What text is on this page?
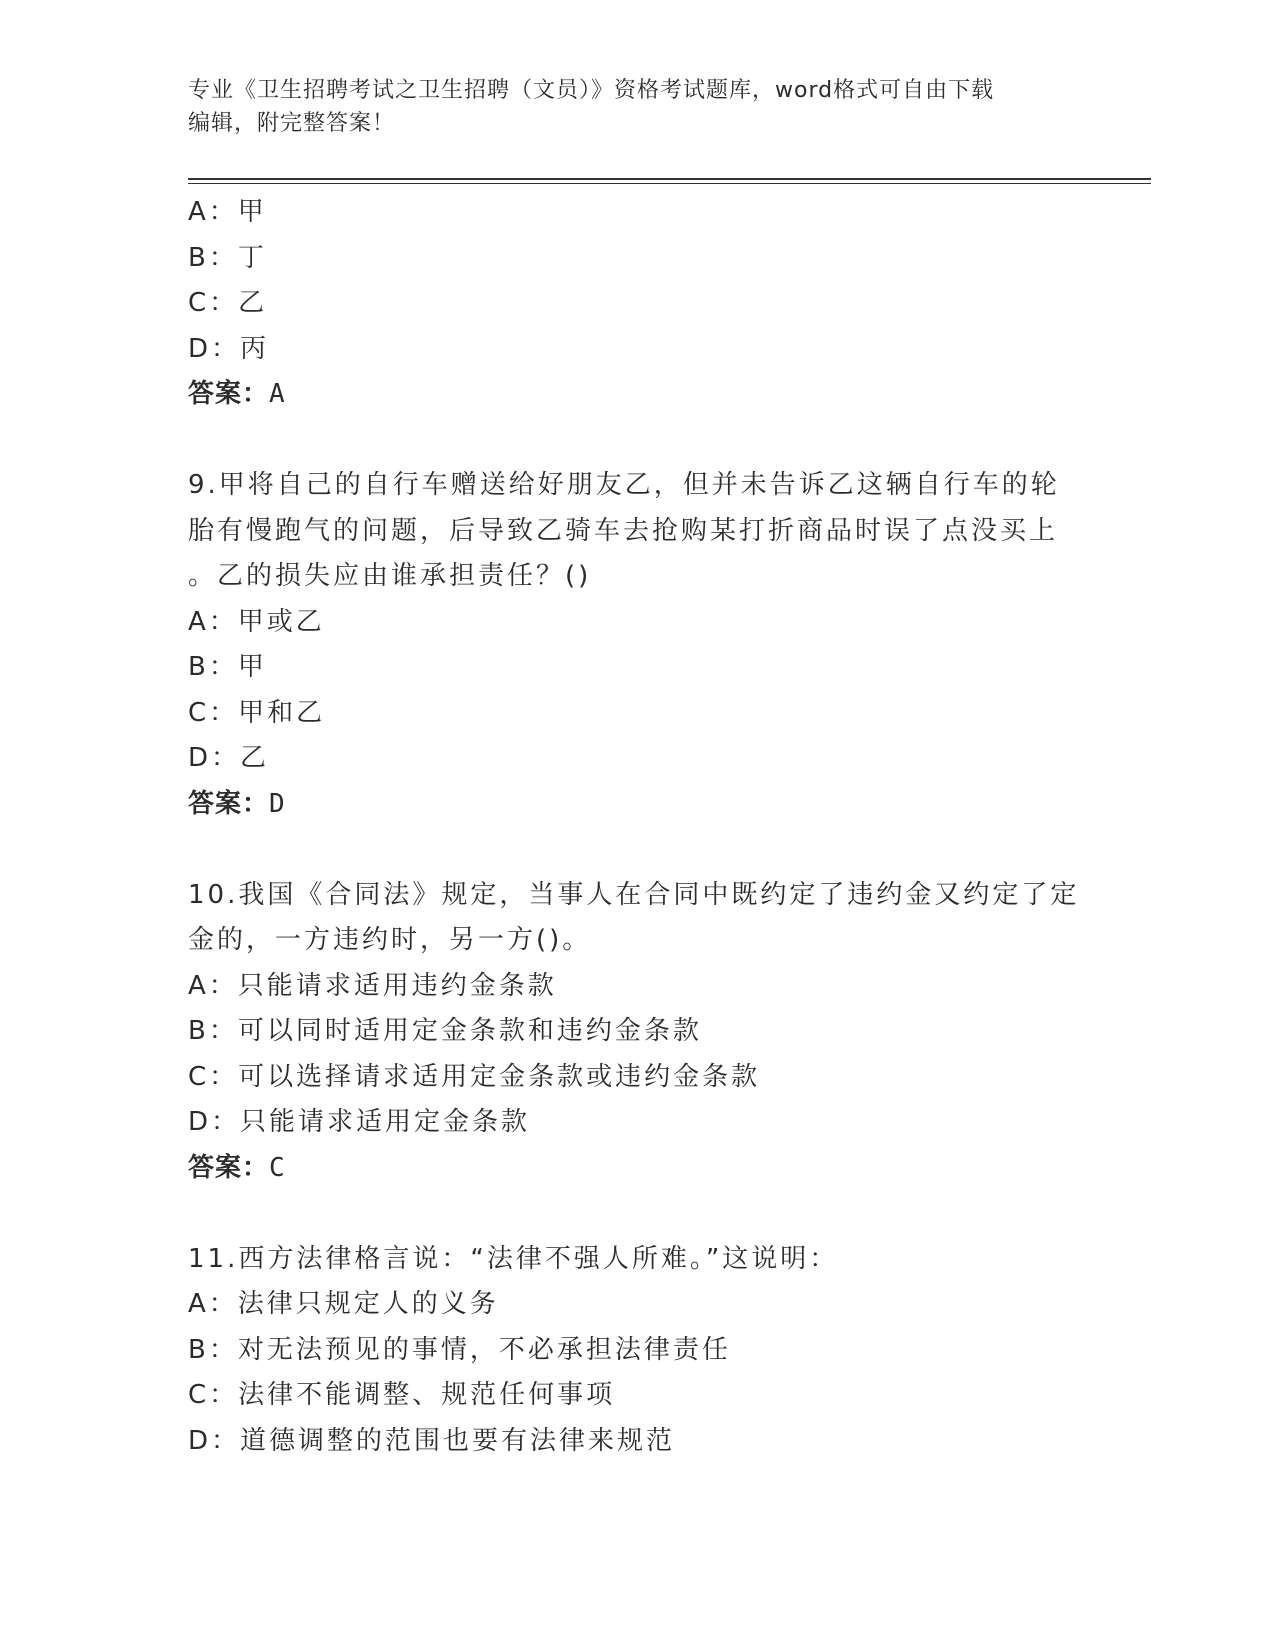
专业《卫生招聘考试之卫生招聘（文员）》资格考试题库，word格式可自由下载
编辑，附完整答案！

A：甲

B：丁

C：乙

D：丙

答案：A

9.甲将自己的自行车赠送给好朋友乙，但并未告诉乙这辆自行车的轮

胎有慢跑气的问题，后导致乙骑车去抢购某打折商品时误了点没买上

。乙的损失应由谁承担责任？()

A：甲或乙

B：甲

C：甲和乙

D：乙

答案：D

10.我国《合同法》规定，当事人在合同中既约定了违约金又约定了定

金的，一方违约时，另一方()。

A：只能请求适用违约金条款

B：可以同时适用定金条款和违约金条款

C：可以选择请求适用定金条款或违约金条款

D：只能请求适用定金条款

答案：C

11.西方法律格言说：“法律不强人所难。”这说明：

A：法律只规定人的义务

B：对无法预见的事情，不必承担法律责任

C：法律不能调整、规范任何事项

D：道德调整的范围也要有法律来规范
